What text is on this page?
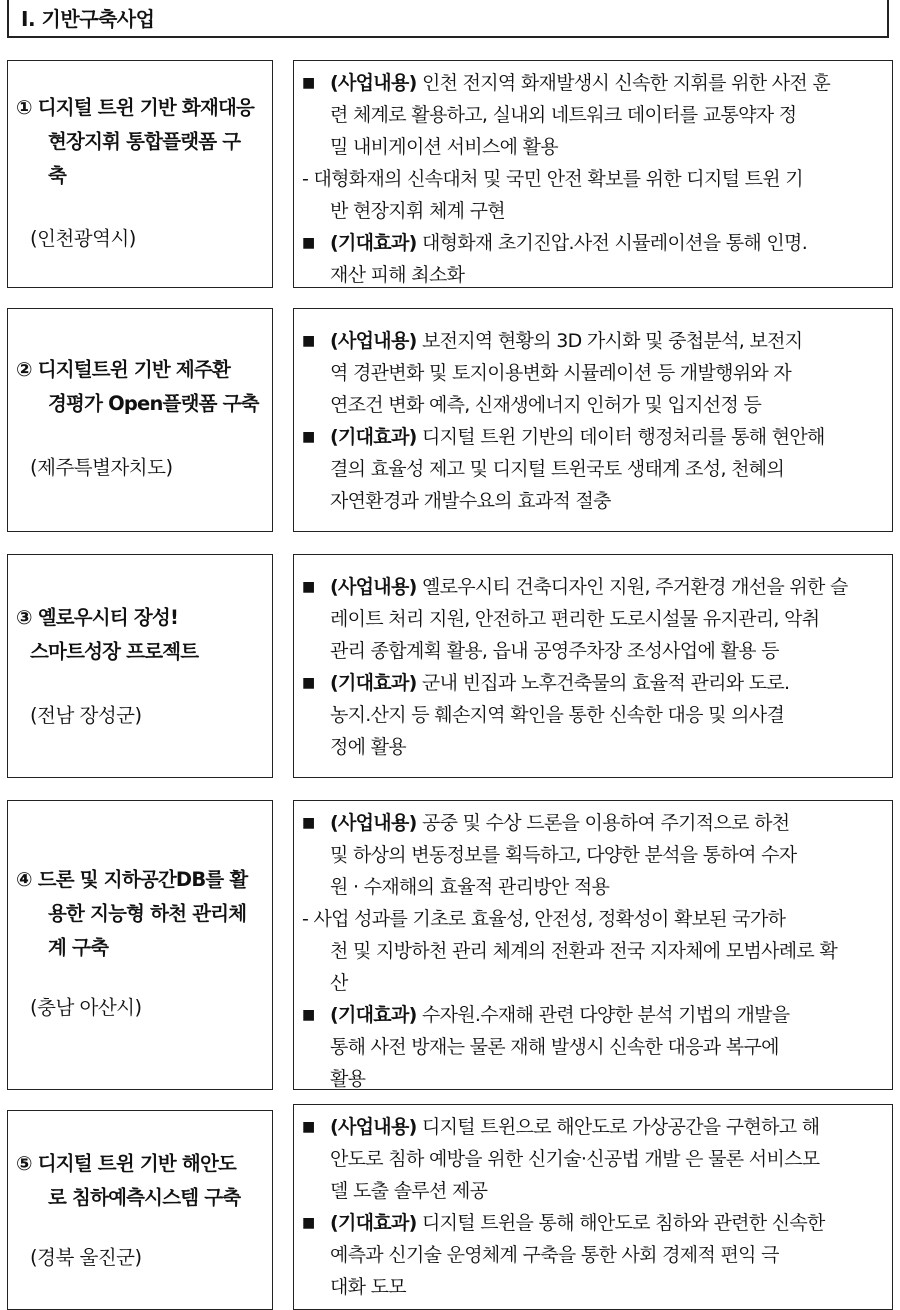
Ⅰ. 기반구축사업
① 디지털 트윈 기반 화재대응
현장지휘 통합플랫폼 구
축
(인천광역시)
■ (사업내용) 인천 전지역 화재발생시 신속한 지휘를 위한 사전 훈
련 체계로 활용하고, 실내외 네트워크 데이터를 교통약자 정
밀 내비게이션 서비스에 활용
- 대형화재의 신속대처 및 국민 안전 확보를 위한 디지털 트윈 기
반 현장지휘 체계 구현
■ (기대효과) 대형화재 초기진압.사전 시뮬레이션을 통해 인명.
재산 피해 최소화
② 디지털트윈 기반 제주환
경평가 Open플랫폼 구축
(제주특별자치도)
■ (사업내용) 보전지역 현황의 3D 가시화 및 중첩분석, 보전지
역 경관변화 및 토지이용변화 시뮬레이션 등 개발행위와 자
연조건 변화 예측, 신재생에너지 인허가 및 입지선정 등
■ (기대효과) 디지털 트윈 기반의 데이터 행정처리를 통해 현안해
결의 효율성 제고 및 디지털 트윈국토 생태계 조성, 천혜의
자연환경과 개발수요의 효과적 절충
③ 옐로우시티 장성!
스마트성장 프로젝트
(전남 장성군)
■ (사업내용) 옐로우시티 건축디자인 지원, 주거환경 개선을 위한 슬
레이트 처리 지원, 안전하고 편리한 도로시설물 유지관리, 악취
관리 종합계획 활용, 읍내 공영주차장 조성사업에 활용 등
■ (기대효과) 군내 빈집과 노후건축물의 효율적 관리와 도로.
농지.산지 등 훼손지역 확인을 통한 신속한 대응 및 의사결
정에 활용
④ 드론 및 지하공간DB를 활
용한 지능형 하천 관리체
계 구축
(충남 아산시)
■ (사업내용) 공중 및 수상 드론을 이용하여 주기적으로 하천
및 하상의 변동정보를 획득하고, 다양한 분석을 통하여 수자
원 · 수재해의 효율적 관리방안 적용
- 사업 성과를 기초로 효율성, 안전성, 정확성이 확보된 국가하
천 및 지방하천 관리 체계의 전환과 전국 지자체에 모범사례로 확
산
■ (기대효과) 수자원.수재해 관련 다양한 분석 기법의 개발을
통해 사전 방재는 물론 재해 발생시 신속한 대응과 복구에
활용
⑤ 디지털 트윈 기반 해안도
로 침하예측시스템 구축
(경북 울진군)
■ (사업내용) 디지털 트윈으로 해안도로 가상공간을 구현하고 해
안도로 침하 예방을 위한 신기술·신공법 개발 은 물론 서비스모
델 도출 솔루션 제공
■ (기대효과) 디지털 트윈을 통해 해안도로 침하와 관련한 신속한
예측과 신기술 운영체계 구축을 통한 사회 경제적 편익 극
대화 도모
